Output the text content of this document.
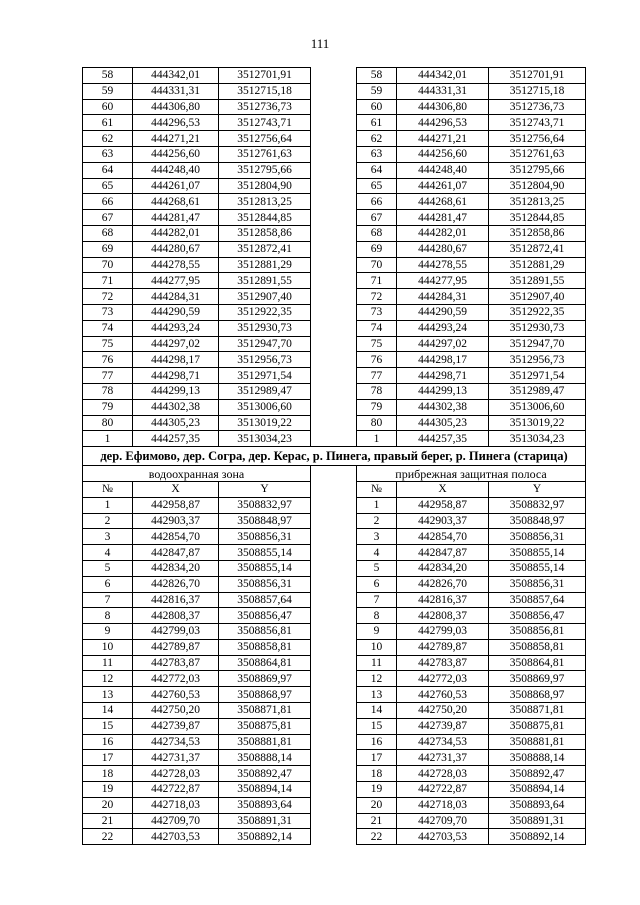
111
58	444342,01	3512701,91		58	444342,01	3512701,91
59	444331,31	3512715,18		59	444331,31	3512715,18
60	444306,80	3512736,73		60	444306,80	3512736,73
61	444296,53	3512743,71		61	444296,53	3512743,71
62	444271,21	3512756,64		62	444271,21	3512756,64
63	444256,60	3512761,63		63	444256,60	3512761,63
64	444248,40	3512795,66		64	444248,40	3512795,66
65	444261,07	3512804,90		65	444261,07	3512804,90
66	444268,61	3512813,25		66	444268,61	3512813,25
67	444281,47	3512844,85		67	444281,47	3512844,85
68	444282,01	3512858,86		68	444282,01	3512858,86
69	444280,67	3512872,41		69	444280,67	3512872,41
70	444278,55	3512881,29		70	444278,55	3512881,29
71	444277,95	3512891,55		71	444277,95	3512891,55
72	444284,31	3512907,40		72	444284,31	3512907,40
73	444290,59	3512922,35		73	444290,59	3512922,35
74	444293,24	3512930,73		74	444293,24	3512930,73
75	444297,02	3512947,70		75	444297,02	3512947,70
76	444298,17	3512956,73		76	444298,17	3512956,73
77	444298,71	3512971,54		77	444298,71	3512971,54
78	444299,13	3512989,47		78	444299,13	3512989,47
79	444302,38	3513006,60		79	444302,38	3513006,60
80	444305,23	3513019,22		80	444305,23	3513019,22
1	444257,35	3513034,23		1	444257,35	3513034,23
дер. Ефимово, дер. Согра, дер. Керас, р. Пинега, правый берег, р. Пинега (старица)						
водоохранная зона				прибрежная защитная полоса		
№	X	Y		№	X	Y
1	442958,87	3508832,97		1	442958,87	3508832,97
2	442903,37	3508848,97		2	442903,37	3508848,97
3	442854,70	3508856,31		3	442854,70	3508856,31
4	442847,87	3508855,14		4	442847,87	3508855,14
5	442834,20	3508855,14		5	442834,20	3508855,14
6	442826,70	3508856,31		6	442826,70	3508856,31
7	442816,37	3508857,64		7	442816,37	3508857,64
8	442808,37	3508856,47		8	442808,37	3508856,47
9	442799,03	3508856,81		9	442799,03	3508856,81
10	442789,87	3508858,81		10	442789,87	3508858,81
11	442783,87	3508864,81		11	442783,87	3508864,81
12	442772,03	3508869,97		12	442772,03	3508869,97
13	442760,53	3508868,97		13	442760,53	3508868,97
14	442750,20	3508871,81		14	442750,20	3508871,81
15	442739,87	3508875,81		15	442739,87	3508875,81
16	442734,53	3508881,81		16	442734,53	3508881,81
17	442731,37	3508888,14		17	442731,37	3508888,14
18	442728,03	3508892,47		18	442728,03	3508892,47
19	442722,87	3508894,14		19	442722,87	3508894,14
20	442718,03	3508893,64		20	442718,03	3508893,64
21	442709,70	3508891,31		21	442709,70	3508891,31
22	442703,53	3508892,14		22	442703,53	3508892,14
